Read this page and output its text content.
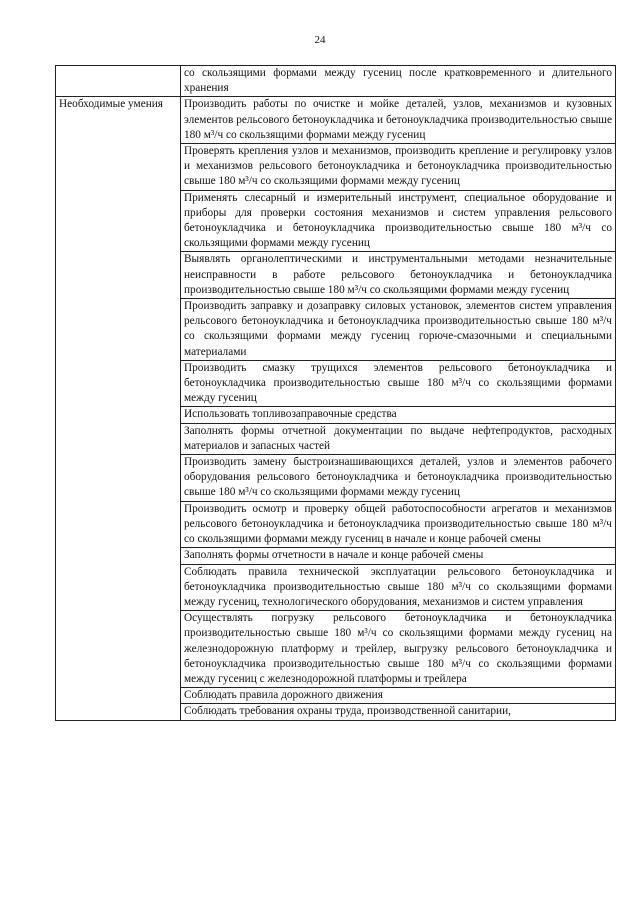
24
	со скользящими формами между гусениц после кратковременного и длительного хранения
Необходимые умения	Производить работы по очистке и мойке деталей, узлов, механизмов и кузовных элементов рельсового бетоноукладчика и бетоноукладчика производительностью свыше 180 м³/ч со скользящими формами между гусениц
	Проверять крепления узлов и механизмов, производить крепление и регулировку узлов и механизмов рельсового бетоноукладчика и бетоноукладчика производительностью свыше 180 м³/ч со скользящими формами между гусениц
	Применять слесарный и измерительный инструмент, специальное оборудование и приборы для проверки состояния механизмов и систем управления рельсового бетоноукладчика и бетоноукладчика производительностью свыше 180 м³/ч со скользящими формами между гусениц
	Выявлять органолептическими и инструментальными методами незначительные неисправности в работе рельсового бетоноукладчика и бетоноукладчика производительностью свыше 180 м³/ч со скользящими формами между гусениц
	Производить заправку и дозаправку силовых установок, элементов систем управления рельсового бетоноукладчика и бетоноукладчика производительностью свыше 180 м³/ч со скользящими формами между гусениц горюче-смазочными и специальными материалами
	Производить смазку трущихся элементов рельсового бетоноукладчика и бетоноукладчика производительностью свыше 180 м³/ч со скользящими формами между гусениц
	Использовать топливозаправочные средства
	Заполнять формы отчетной документации по выдаче нефтепродуктов, расходных материалов и запасных частей
	Производить замену быстроизнашивающихся деталей, узлов и элементов рабочего оборудования рельсового бетоноукладчика и бетоноукладчика производительностью свыше 180 м³/ч со скользящими формами между гусениц
	Производить осмотр и проверку общей работоспособности агрегатов и механизмов рельсового бетоноукладчика и бетоноукладчика производительностью свыше 180 м³/ч со скользящими формами между гусениц в начале и конце рабочей смены
	Заполнять формы отчетности в начале и конце рабочей смены
	Соблюдать правила технической эксплуатации рельсового бетоноукладчика и бетоноукладчика производительностью свыше 180 м³/ч со скользящими формами между гусениц, технологического оборудования, механизмов и систем управления
	Осуществлять погрузку рельсового бетоноукладчика и бетоноукладчика производительностью свыше 180 м³/ч со скользящими формами между гусениц на железнодорожную платформу и трейлер, выгрузку рельсового бетоноукладчика и бетоноукладчика производительностью свыше 180 м³/ч со скользящими формами между гусениц с железнодорожной платформы и трейлера
	Соблюдать правила дорожного движения
	Соблюдать требования охраны труда, производственной санитарии,
